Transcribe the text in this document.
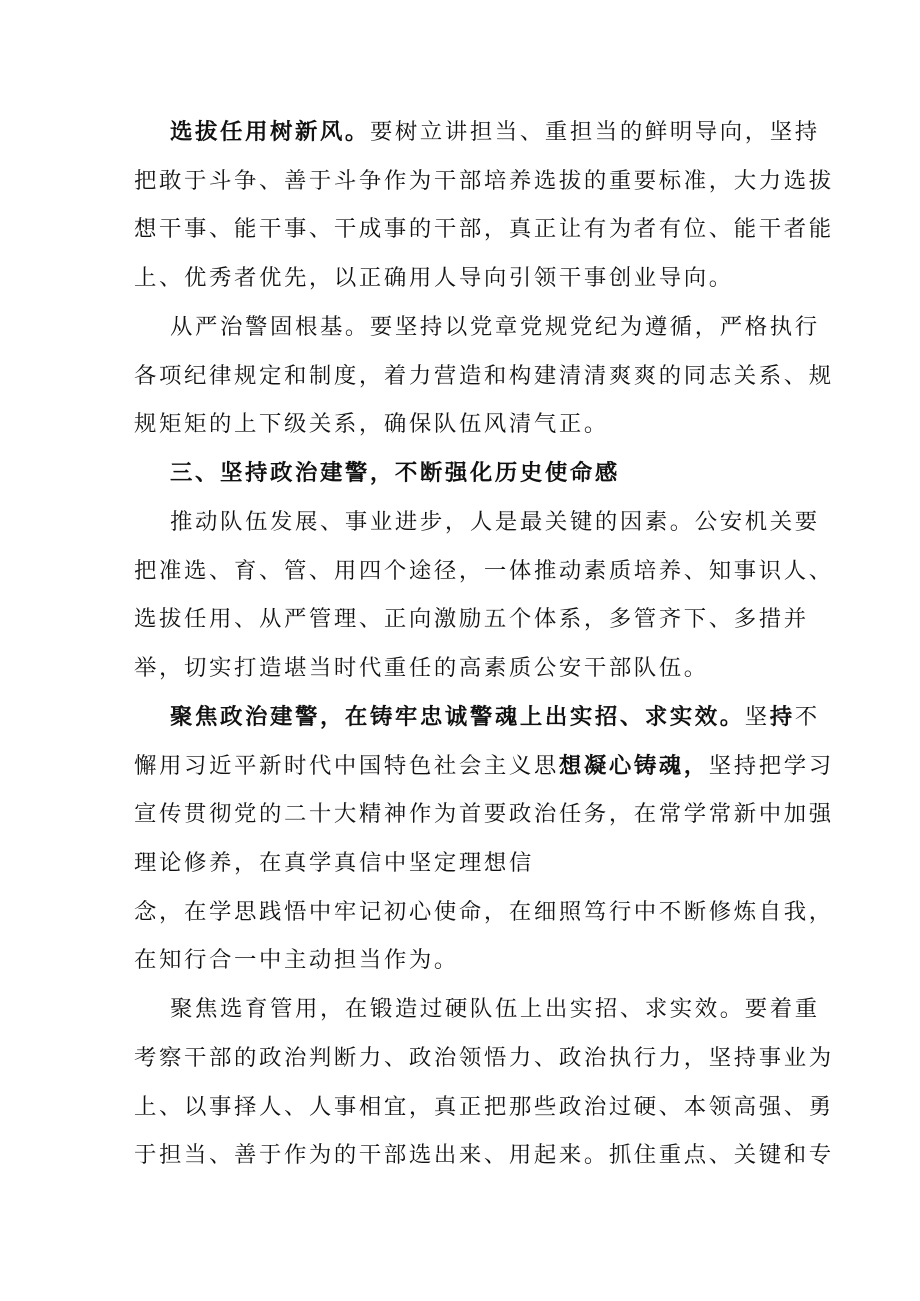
选拔任用树新风。要树立讲担当、重担当的鲜明导向，坚持
把敢于斗争、善于斗争作为干部培养选拔的重要标准，大力选拔
想干事、能干事、干成事的干部，真正让有为者有位、能干者能
上、优秀者优先，以正确用人导向引领干事创业导向。
从严治警固根基。要坚持以党章党规党纪为遵循，严格执行
各项纪律规定和制度，着力营造和构建清清爽爽的同志关系、规
规矩矩的上下级关系，确保队伍风清气正。
三、坚持政治建警，不断强化历史使命感
推动队伍发展、事业进步，人是最关键的因素。公安机关要
把准选、育、管、用四个途径，一体推动素质培养、知事识人、
选拔任用、从严管理、正向激励五个体系，多管齐下、多措并
举，切实打造堪当时代重任的高素质公安干部队伍。
聚焦政治建警，在铸牢忠诚警魂上出实招、求实效。坚持不
懈用习近平新时代中国特色社会主义思想凝心铸魂，坚持把学习
宣传贯彻党的二十大精神作为首要政治任务，在常学常新中加强
理论修养，在真学真信中坚定理想信
念，在学思践悟中牢记初心使命，在细照笃行中不断修炼自我，
在知行合一中主动担当作为。
聚焦选育管用，在锻造过硬队伍上出实招、求实效。要着重
考察干部的政治判断力、政治领悟力、政治执行力，坚持事业为
上、以事择人、人事相宜，真正把那些政治过硬、本领高强、勇
于担当、善于作为的干部选出来、用起来。抓住重点、关键和专
